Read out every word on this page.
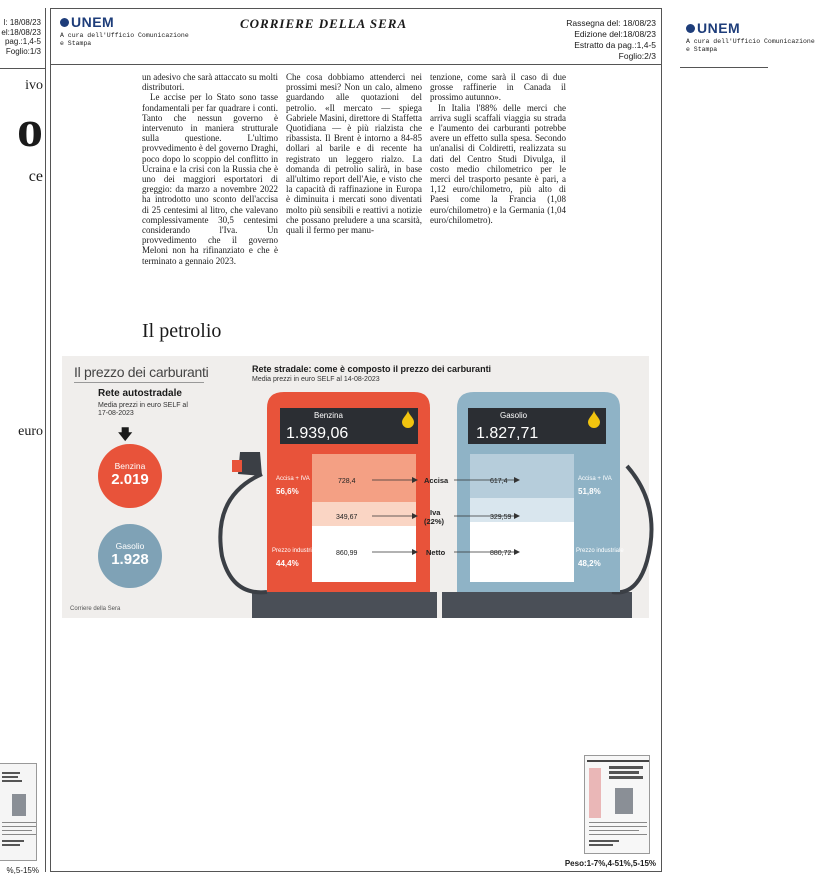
l: 18/08/23
el:18/08/23
pag.:1,4-5
Foglio:1/3
ivo
o
ce
euro
%,5-15%
UNEM
A cura dell'Ufficio Comunicazione
e Stampa
CORRIERE DELLA SERA	Rassegna del: 18/08/23
Edizione del:18/08/23
Estratto da pag.:1,4-5
Foglio:2/3

un adesivo che sarà attaccato su molti distributori.

Le accise per lo Stato sono tasse fondamentali per far quadrare i conti. Tanto che nessun governo è intervenuto in maniera strutturale sulla questione. L'ultimo provvedimento è del governo Draghi, poco dopo lo scoppio del conflitto in Ucraina e la crisi con la Russia che è uno dei maggiori esportatori di greggio: da marzo a novembre 2022 ha introdotto uno sconto dell'accisa di 25 centesimi al litro, che valevano complessivamente 30,5 centesimi considerando l'Iva. Un provvedimento che il governo Meloni non ha rifinanziato e che è terminato a gennaio 2023.

Che cosa dobbiamo attenderci nei prossimi mesi? Non un calo, almeno guardando alle quotazioni del petrolio. «Il mercato — spiega Gabriele Masini, direttore di Staffetta Quotidiana — è più rialzista che ribassista. Il Brent è intorno a 84-85 dollari al barile e di recente ha registrato un leggero rialzo. La domanda di petrolio salirà, in base all'ultimo report dell'Aie, e visto che la capacità di raffinazione in Europa è diminuita i mercati sono diventati molto più sensibili e reattivi a notizie che possano preludere a una scarsità, quali il fermo per manu-

tenzione, come sarà il caso di due grosse raffinerie in Canada il prossimo autunno».

In Italia l'88% delle merci che arriva sugli scaffali viaggia su strada e l'aumento dei carburanti potrebbe avere un effetto sulla spesa. Secondo un'analisi di Coldiretti, realizzata su dati del Centro Studi Divulga, il costo medio chilometrico per le merci del trasporto pesante è pari, a 1,12 euro/chilometro, più alto di Paesi come la Francia (1,08 euro/chilometro) e la Germania (1,04 euro/chilometro).

Il petrolio
Il prezzo dei carburanti
Rete autostradale
Media prezzi in euro SELF al 17-08-2023
🡇
Benzina
2.019
Gasolio
1.928
Rete stradale: come è composto il prezzo dei carburanti
Media prezzi in euro SELF al 14-08-2023
Benzina
1.939,06
Gasolio
1.827,71
728,4
349,67
860,99
617,4
329,59
880,72
Accisa
Iva
(22%)
Netto
Accisa + IVA
56,6%
Prezzo industriale
44,4%
Accisa + IVA
51,8%
Prezzo industriale
48,2%
Corriere della Sera
Peso:1-7%,4-51%,5-15%
UNEM
A cura dell'Ufficio Comunicazione
e Stampa
